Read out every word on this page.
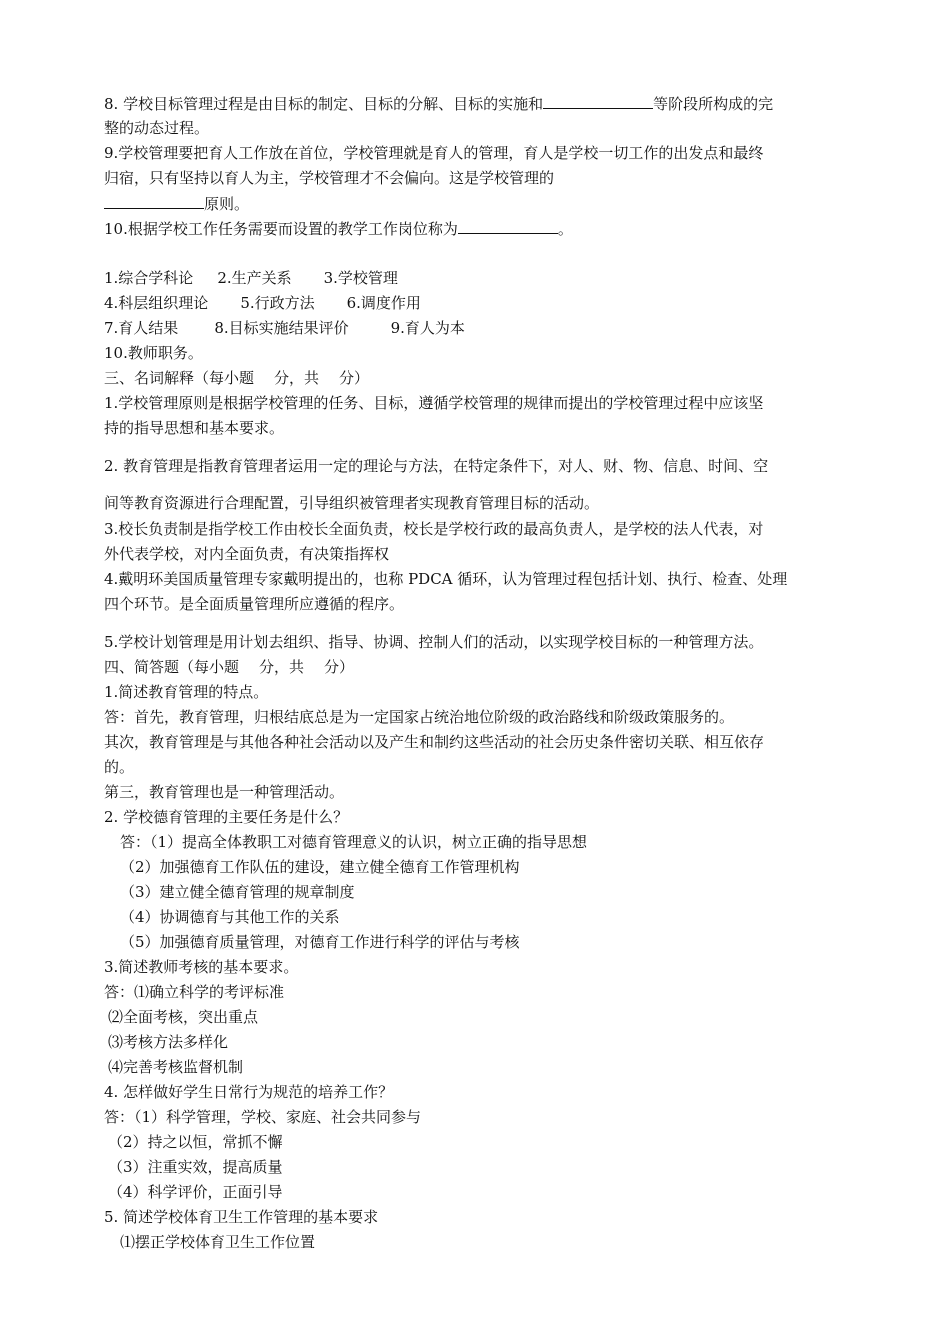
8. 学校目标管理过程是由目标的制定、目标的分解、目标的实施和	等阶段所构成的完
整的动态过程。
9.学校管理要把育人工作放在首位，学校管理就是育人的管理，育人是学校一切工作的出发点和最终
归宿，只有坚持以育人为主，学校管理才不会偏向。这是学校管理的
原则。
10.根据学校工作任务需要而设置的教学工作岗位称为	。
1.综合学科论 2.生产关系 3.学校管理
4.科层组织理论 5.行政方法 6.调度作用
7.育人结果 8.目标实施结果评价	9.育人为本
10.教师职务。
三、名词解释（每小题 分，共 分）
1.学校管理原则是根据学校管理的任务、目标，遵循学校管理的规律而提出的学校管理过程中应该坚
持的指导思想和基本要求。
2. 教育管理是指教育管理者运用一定的理论与方法，在特定条件下，对人、财、物、信息、时间、空
间等教育资源进行合理配置，引导组织被管理者实现教育管理目标的活动。
3.校长负责制是指学校工作由校长全面负责，校长是学校行政的最高负责人，是学校的法人代表，对
外代表学校，对内全面负责，有决策指挥权
4.戴明环美国质量管理专家戴明提出的，也称 PDCA 循环，认为管理过程包括计划、执行、检查、处理
四个环节。是全面质量管理所应遵循的程序。
5.学校计划管理是用计划去组织、指导、协调、控制人们的活动，以实现学校目标的一种管理方法。
四、简答题（每小题 分，共 分）
1.简述教育管理的特点。
答：首先，教育管理，归根结底总是为一定国家占统治地位阶级的政治路线和阶级政策服务的。
其次，教育管理是与其他各种社会活动以及产生和制约这些活动的社会历史条件密切关联、相互依存
的。
第三，教育管理也是一种管理活动。
2. 学校德育管理的主要任务是什么？
答：（1）提高全体教职工对德育管理意义的认识，树立正确的指导思想
（2）加强德育工作队伍的建设，建立健全德育工作管理机构
（3）建立健全德育管理的规章制度
（4）协调德育与其他工作的关系
（5）加强德育质量管理，对德育工作进行科学的评估与考核
3.简述教师考核的基本要求。
答：⑴确立科学的考评标准
⑵全面考核，突出重点
⑶考核方法多样化
⑷完善考核监督机制
4. 怎样做好学生日常行为规范的培养工作？
答：（1）科学管理，学校、家庭、社会共同参与
（2）持之以恒，常抓不懈
（3）注重实效，提高质量
（4）科学评价，正面引导
5. 简述学校体育卫生工作管理的基本要求
⑴摆正学校体育卫生工作位置
